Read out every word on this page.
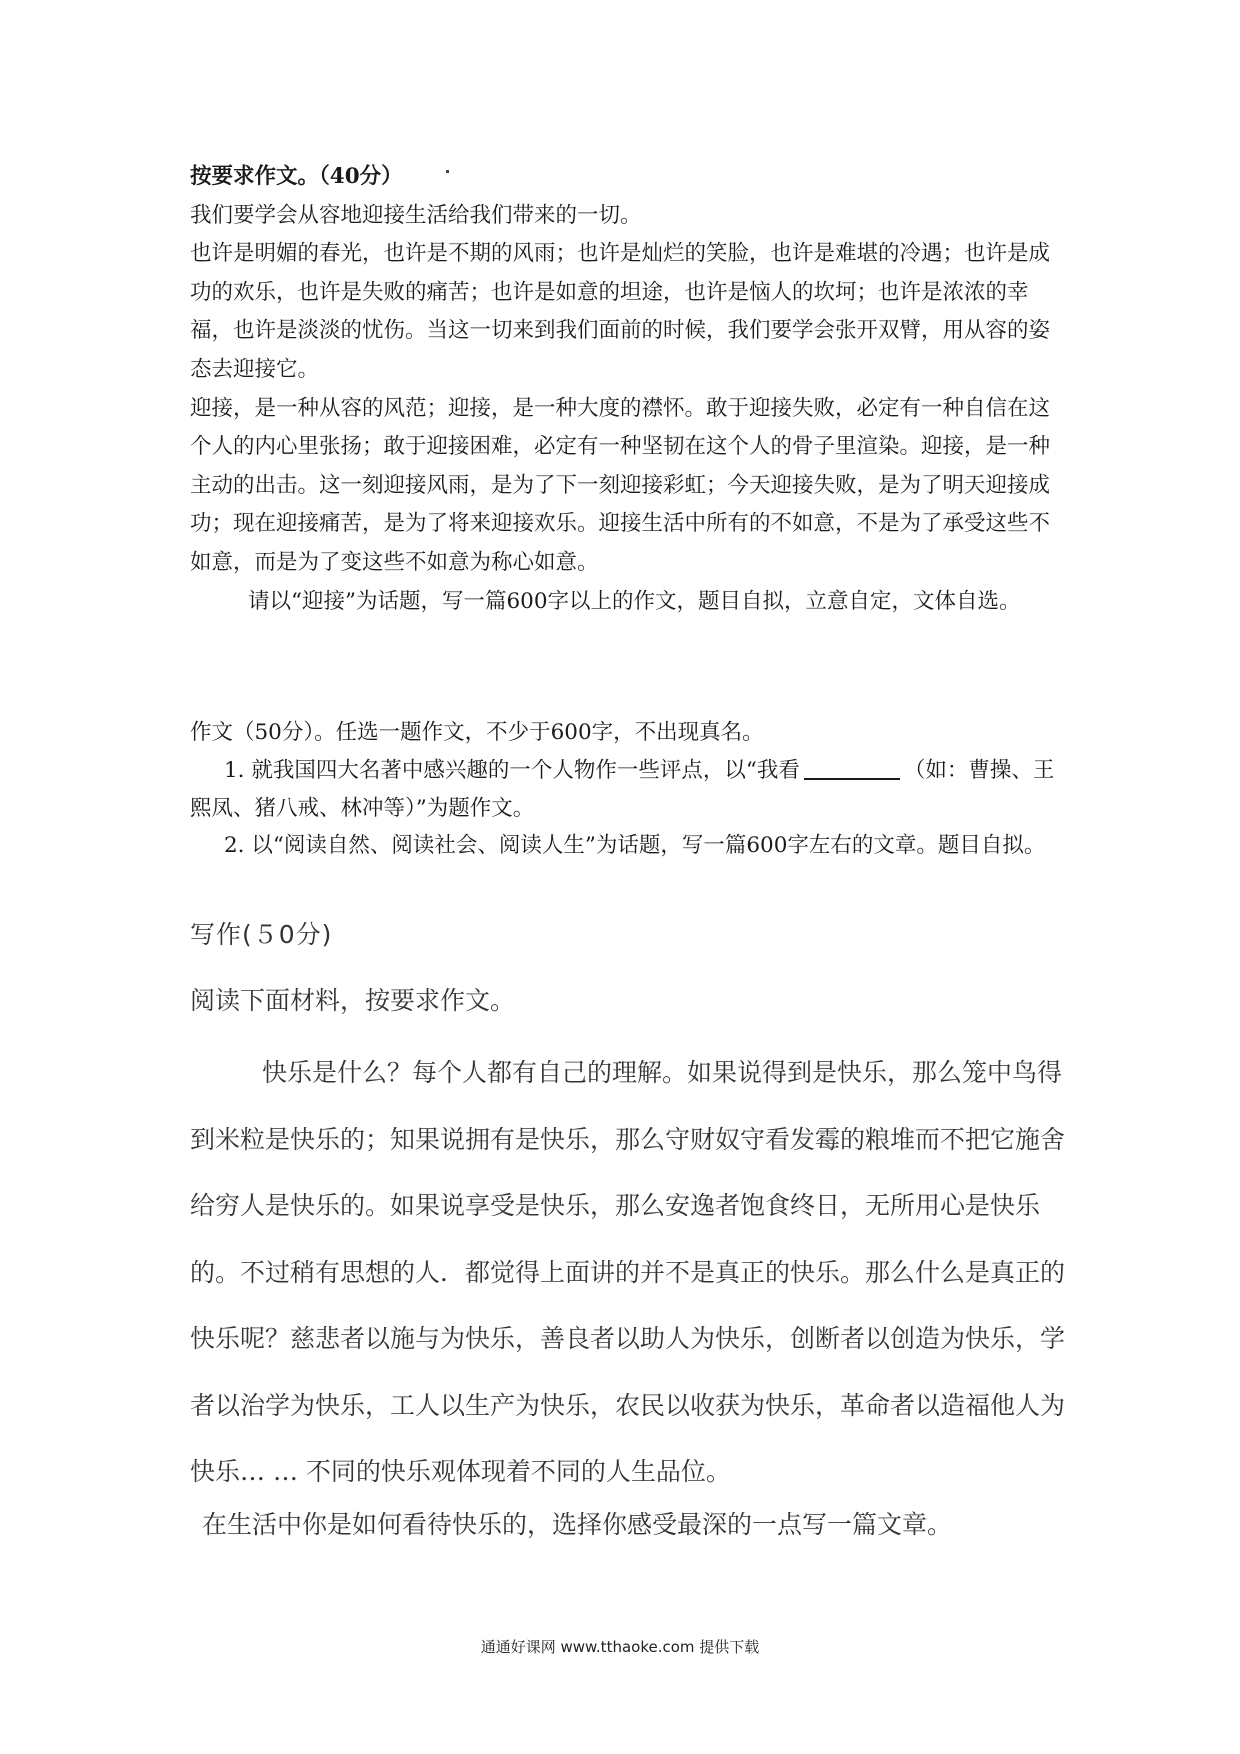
按要求作文。（40分）

我们要学会从容地迎接生活给我们带来的一切。

也许是明媚的春光，也许是不期的风雨；也许是灿烂的笑脸，也许是难堪的冷遇；也许是成功的欢乐，也许是失败的痛苦；也许是如意的坦途，也许是恼人的坎坷；也许是浓浓的幸福，也许是淡淡的忧伤。当这一切来到我们面前的时候，我们要学会张开双臂，用从容的姿态去迎接它。

迎接，是一种从容的风范；迎接，是一种大度的襟怀。敢于迎接失败，必定有一种自信在这个人的内心里张扬；敢于迎接困难，必定有一种坚韧在这个人的骨子里渲染。迎接，是一种主动的出击。这一刻迎接风雨，是为了下一刻迎接彩虹；今天迎接失败，是为了明天迎接成功；现在迎接痛苦，是为了将来迎接欢乐。迎接生活中所有的不如意，不是为了承受这些不如意，而是为了变这些不如意为称心如意。

请以“迎接”为话题，写一篇600字以上的作文，题目自拟，立意自定，文体自选。

作文（50分）。任选一题作文，不少于600字，不出现真名。

1. 就我国四大名著中感兴趣的一个人物作一些评点，以“我看	（如：曹操、王熙凤、猪八戒、林冲等）”为题作文。

2. 以“阅读自然、阅读社会、阅读人生”为话题，写一篇600字左右的文章。题目自拟。

写作(５0分)
阅读下面材料，按要求作文。

快乐是什么？每个人都有自己的理解。如果说得到是快乐，那么笼中鸟得到米粒是快乐的；知果说拥有是快乐，那么守财奴守看发霉的粮堆而不把它施舍给穷人是快乐的。如果说享受是快乐，那么安逸者饱食终日，无所用心是快乐的。不过稍有思想的人．都觉得上面讲的并不是真正的快乐。那么什么是真正的快乐呢？慈悲者以施与为快乐，善良者以助人为快乐，创断者以创造为快乐，学者以治学为快乐，工人以生产为快乐，农民以收获为快乐，革命者以造福他人为快乐… … 不同的快乐观体现着不同的人生品位。

在生活中你是如何看待快乐的，选择你感受最深的一点写一篇文章。
通通好课网 www.tthaoke.com 提供下载
